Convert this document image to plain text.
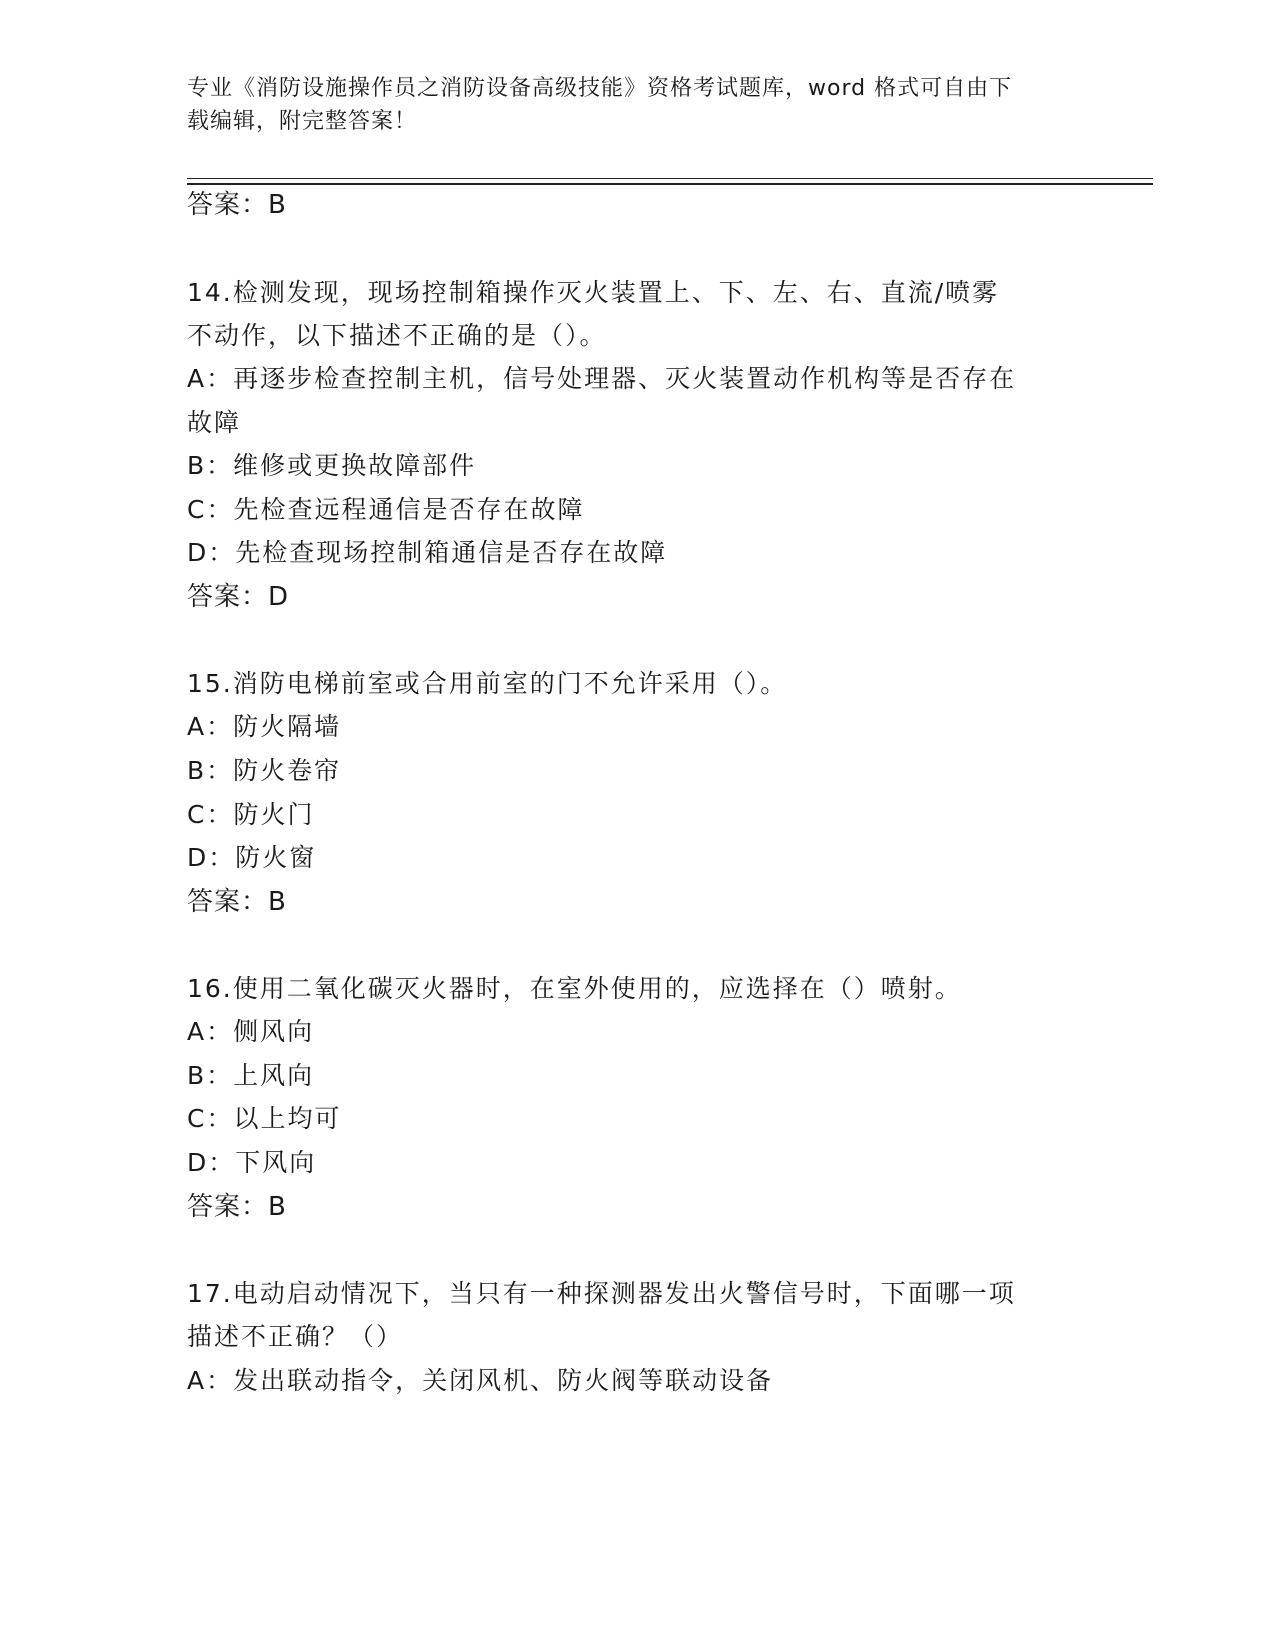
专业《消防设施操作员之消防设备高级技能》资格考试题库，word 格式可自由下
载编辑，附完整答案！
答案：B
14.检测发现，现场控制箱操作灭火装置上、下、左、右、直流/喷雾
不动作，以下描述不正确的是（）。
A：再逐步检查控制主机，信号处理器、灭火装置动作机构等是否存在
故障
B：维修或更换故障部件
C：先检查远程通信是否存在故障
D：先检查现场控制箱通信是否存在故障
答案：D
15.消防电梯前室或合用前室的门不允许采用（）。
A：防火隔墙
B：防火卷帘
C：防火门
D：防火窗
答案：B
16.使用二氧化碳灭火器时，在室外使用的，应选择在（）喷射。
A：侧风向
B：上风向
C：以上均可
D：下风向
答案：B
17.电动启动情况下，当只有一种探测器发出火警信号时，下面哪一项
描述不正确？（）
A：发出联动指令，关闭风机、防火阀等联动设备
